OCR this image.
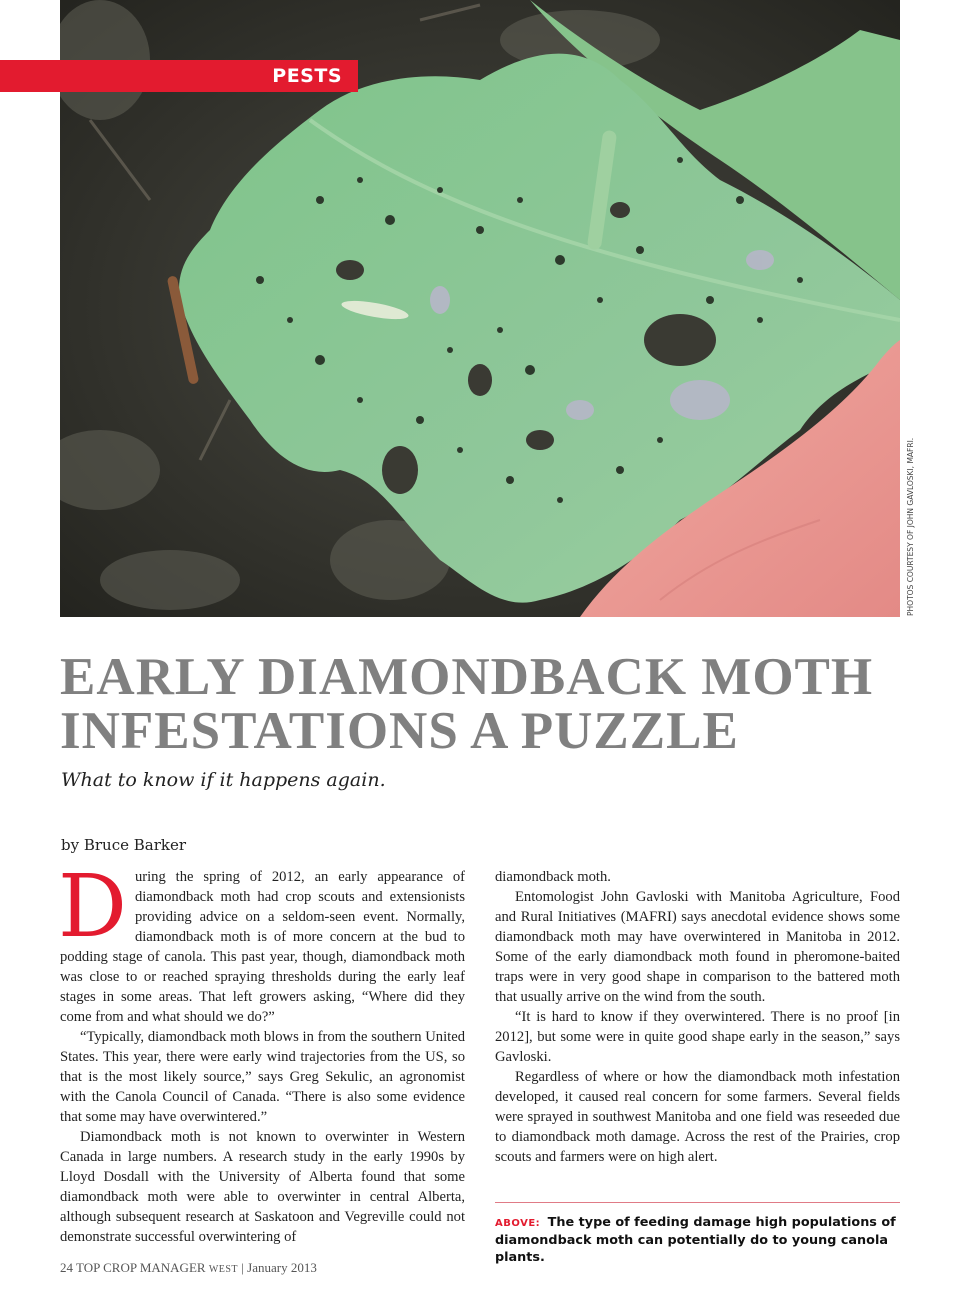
PESTS
PHOTOS COURTESY OF JOHN GAVLOSKI, MAFRI.
EARLY DIAMONDBACK MOTH
INFESTATIONS A PUZZLE
What to know if it happens again.
by Bruce Barker

During the spring of 2012, an early appearance of diamondback moth had crop scouts and extensionists providing advice on a seldom-seen event. Normally, diamondback moth is of more concern at the bud to podding stage of canola. This past year, though, diamondback moth was close to or reached spraying thresholds during the early leaf stages in some areas. That left growers asking, “Where did they come from and what should we do?”

“Typically, diamondback moth blows in from the southern United States. This year, there were early wind trajectories from the US, so that is the most likely source,” says Greg Sekulic, an agronomist with the Canola Council of Canada. “There is also some evidence that some may have overwintered.”

Diamondback moth is not known to overwinter in Western Canada in large numbers. A research study in the early 1990s by Lloyd Dosdall with the University of Alberta found that some diamondback moth were able to overwinter in central Alberta, although subsequent research at Saskatoon and Vegreville could not demonstrate successful overwintering of

diamondback moth.

Entomologist John Gavloski with Manitoba Agriculture, Food and Rural Initiatives (MAFRI) says anecdotal evidence shows some diamondback moth may have overwintered in Manitoba in 2012. Some of the early diamondback moth found in pheromone-baited traps were in very good shape in comparison to the battered moth that usually arrive on the wind from the south.

“It is hard to know if they overwintered. There is no proof [in 2012], but some were in quite good shape early in the season,” says Gavloski.

Regardless of where or how the diamondback moth infestation developed, it caused real concern for some farmers. Several fields were sprayed in southwest Manitoba and one field was reseeded due to diamondback moth damage. Across the rest of the Prairies, crop scouts and farmers were on high alert.

ABOVE: The type of feeding damage high populations of diamondback moth can potentially do to young canola plants.
24 TOP CROP MANAGER WEST | January 2013
